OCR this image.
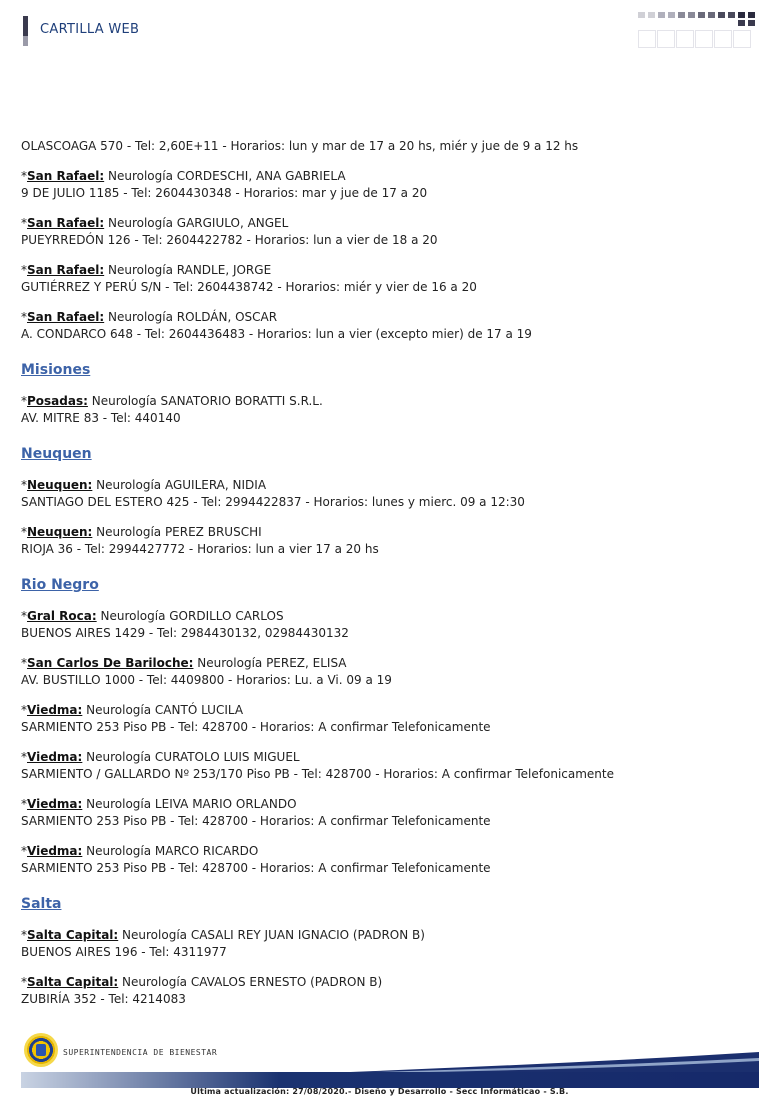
CARTILLA WEB
OLASCOAGA 570 - Tel: 2,60E+11 - Horarios: lun y mar de 17 a 20 hs, miér y jue de 9 a 12 hs
*San Rafael: Neurología CORDESCHI, ANA GABRIELA
9 DE JULIO 1185 - Tel: 2604430348 - Horarios: mar y jue de 17 a 20
*San Rafael: Neurología GARGIULO, ANGEL
PUEYRREDÓN 126 - Tel: 2604422782 - Horarios: lun a vier de 18 a 20
*San Rafael: Neurología RANDLE, JORGE
GUTIÉRREZ Y PERÚ S/N - Tel: 2604438742 - Horarios: miér y vier de 16 a 20
*San Rafael: Neurología ROLDÁN, OSCAR
A. CONDARCO 648 - Tel: 2604436483 - Horarios: lun a vier (excepto mier) de 17 a 19
Misiones
*Posadas: Neurología SANATORIO BORATTI S.R.L.
AV. MITRE 83 - Tel: 440140
Neuquen
*Neuquen: Neurología AGUILERA, NIDIA
SANTIAGO DEL ESTERO 425 - Tel: 2994422837 - Horarios: lunes y mierc. 09 a 12:30
*Neuquen: Neurología PEREZ BRUSCHI
RIOJA 36 - Tel: 2994427772 - Horarios: lun a vier 17 a 20 hs
Rio Negro
*Gral Roca: Neurología GORDILLO CARLOS
BUENOS AIRES 1429 - Tel: 2984430132, 02984430132
*San Carlos De Bariloche: Neurología PEREZ, ELISA
AV. BUSTILLO 1000 - Tel: 4409800 - Horarios: Lu. a Vi. 09 a 19
*Viedma: Neurología CANTÓ LUCILA
SARMIENTO 253 Piso PB - Tel: 428700 - Horarios: A confirmar Telefonicamente
*Viedma: Neurología CURATOLO LUIS MIGUEL
SARMIENTO / GALLARDO Nº 253/170 Piso PB - Tel: 428700 - Horarios: A confirmar Telefonicamente
*Viedma: Neurología LEIVA MARIO ORLANDO
SARMIENTO 253 Piso PB - Tel: 428700 - Horarios: A confirmar Telefonicamente
*Viedma: Neurología MARCO RICARDO
SARMIENTO 253 Piso PB - Tel: 428700 - Horarios: A confirmar Telefonicamente
Salta
*Salta Capital: Neurología CASALI REY JUAN IGNACIO (PADRON B)
BUENOS AIRES 196 - Tel: 4311977
*Salta Capital: Neurología CAVALOS ERNESTO (PADRON B)
ZUBIRÍA 352 - Tel: 4214083
SUPERINTENDENCIA DE BIENESTAR
Ultima actualización: 27/08/2020.- Diseño y Desarrollo - Secc Informáticao - S.B.
